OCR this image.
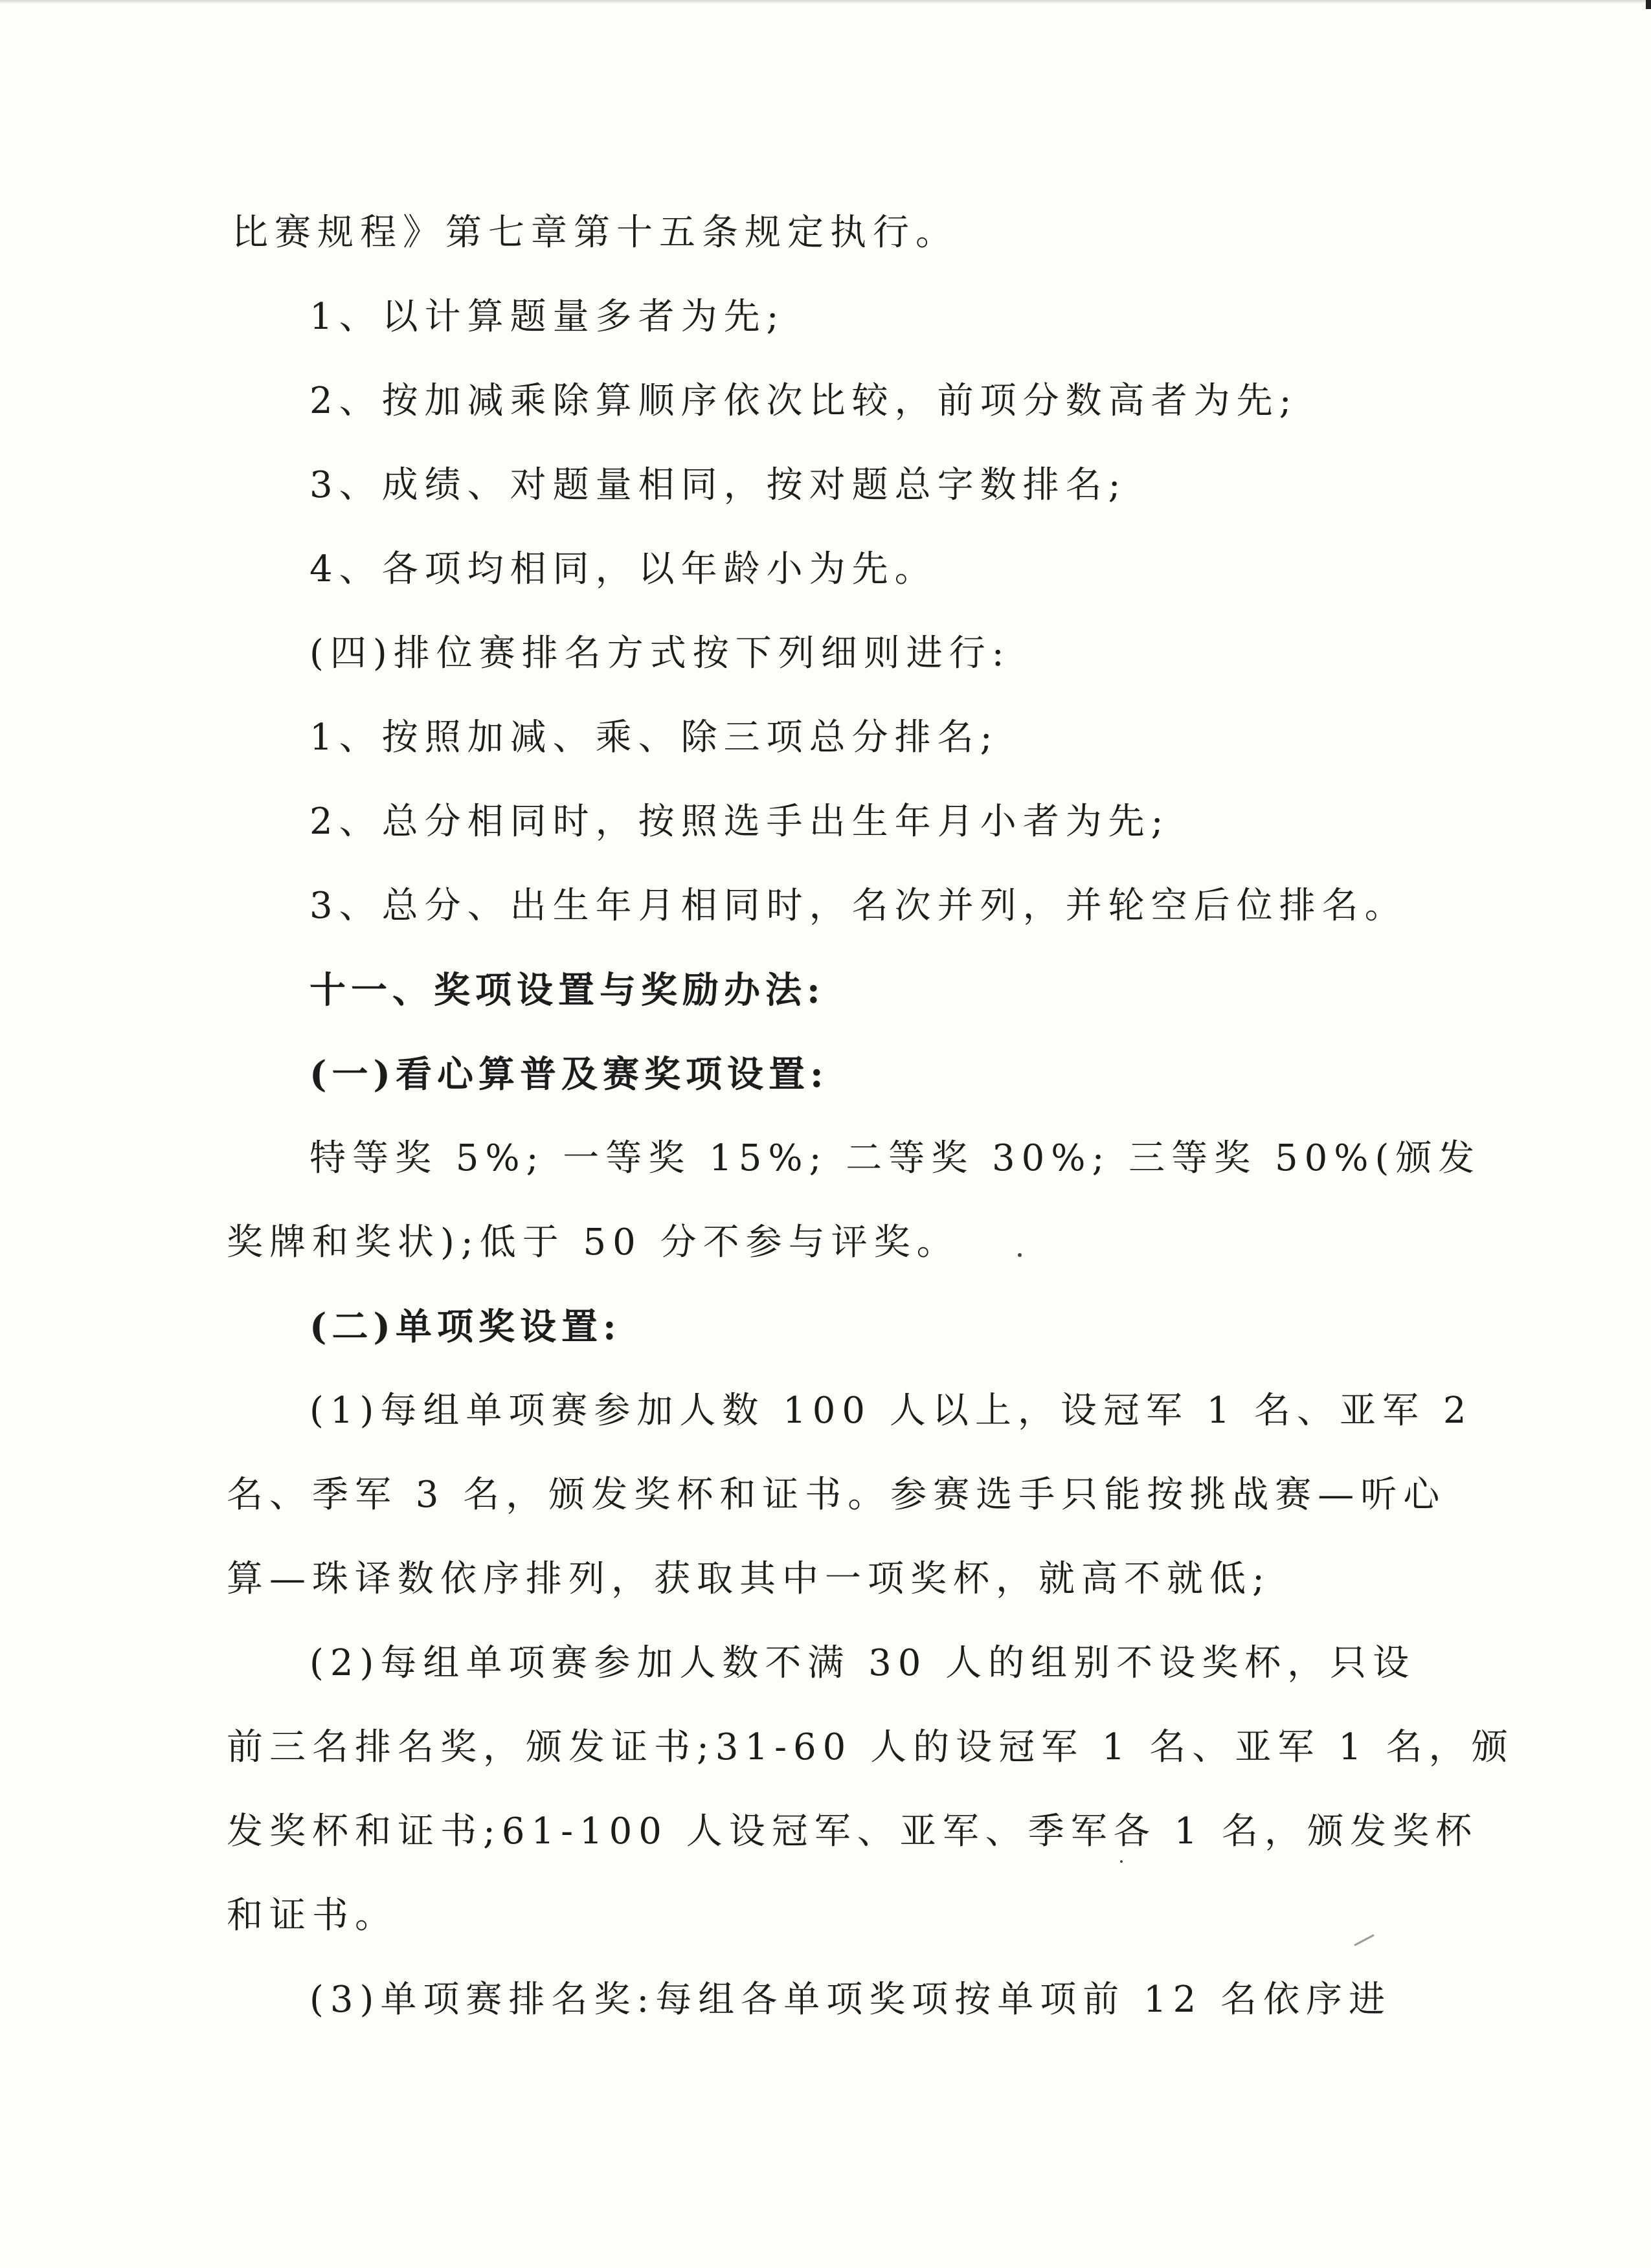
比赛规程》第七章第十五条规定执行。
1、以计算题量多者为先;
2、按加减乘除算顺序依次比较，前项分数高者为先;
3、成绩、对题量相同，按对题总字数排名;
4、各项均相同，以年龄小为先。
(四)排位赛排名方式按下列细则进行:
1、按照加减、乘、除三项总分排名;
2、总分相同时，按照选手出生年月小者为先;
3、总分、出生年月相同时，名次并列，并轮空后位排名。
十一、奖项设置与奖励办法:
(一)看心算普及赛奖项设置:
特等奖 5%; 一等奖 15%; 二等奖 30%; 三等奖 50%(颁发
奖牌和奖状);低于 50 分不参与评奖。
(二)单项奖设置:
(1)每组单项赛参加人数 100 人以上，设冠军 1 名、亚军 2
名、季军 3 名，颁发奖杯和证书。参赛选手只能按挑战赛—听心
算—珠译数依序排列，获取其中一项奖杯，就高不就低;
(2)每组单项赛参加人数不满 30 人的组别不设奖杯，只设
前三名排名奖，颁发证书;31-60 人的设冠军 1 名、亚军 1 名，颁
发奖杯和证书;61-100 人设冠军、亚军、季军各 1 名，颁发奖杯
和证书。
(3)单项赛排名奖:每组各单项奖项按单项前 12 名依序进
